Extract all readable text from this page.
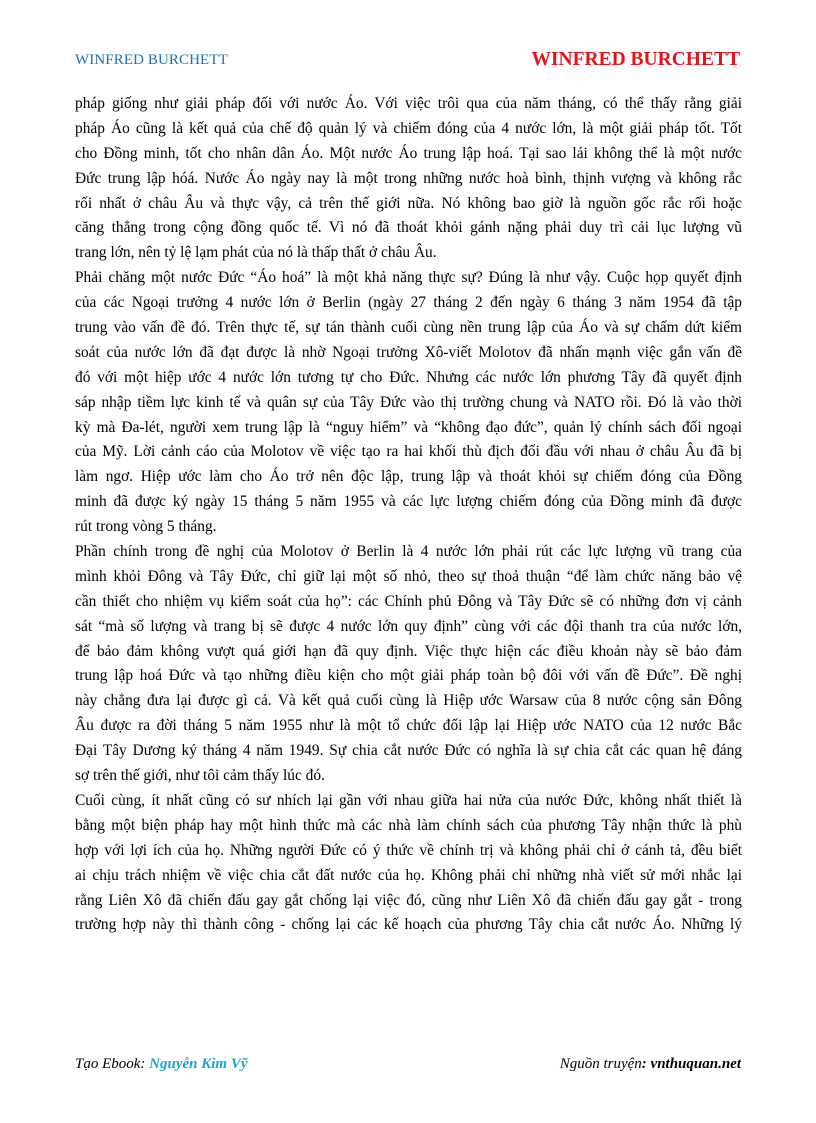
WINFRED BURCHETT	WINFRED BURCHETT
pháp giống như giải pháp đối với nước Áo. Với việc trôi qua của năm tháng, có thể thấy rằng giải
pháp Áo cũng là kết quả của chế độ quản lý và chiếm đóng của 4 nước lớn, là một giải pháp tốt. Tốt
cho Đồng minh, tốt cho nhân dân Áo. Một nước Áo trung lập hoá. Tại sao lái không thể là một nước
Đức trung lập hóá. Nước Áo ngày nay là một trong những nước hoà bình, thịnh vượng và không rắc
rối nhất ở châu Âu và thực vậy, cả trên thế giới nữa. Nó không bao giờ là nguồn gốc rắc rối hoặc
căng thẳng trong cộng đồng quốc tế. Vì nó đã thoát khỏi gánh nặng phải duy trì cải lục lượng vũ
trang lớn, nên tỷ lệ lạm phát của nó là thấp thất ở châu Âu.
Phải chăng một nước Đức “Áo hoá” là một khả năng thực sự? Đúng là như vậy. Cuộc họp quyết định
của các Ngoại trưởng 4 nước lớn ở Berlin (ngày 27 tháng 2 đến ngày 6 tháng 3 năm 1954 đã tập
trung vào vấn đề đó. Trên thực tế, sự tán thành cuối cùng nền trung lập của Áo và sự chấm dứt kiểm
soát của nước lớn đã đạt được là nhờ Ngoại trưởng Xô-viết Molotov đã nhấn mạnh việc gắn vấn đề
đó với một hiệp ước 4 nước lớn tương tự cho Đức. Nhưng các nước lớn phương Tây đã quyết định
sáp nhập tiềm lực kinh tế và quân sự của Tây Đức vào thị trường chung và NATO rồi. Đó là vào thời
kỳ mà Đa-lét, người xem trung lập là “nguy hiểm” và “không đạo đức”, quản lý chính sách đối ngoại
của Mỹ. Lời cảnh cáo của Molotov về việc tạo ra hai khối thù địch đối đầu với nhau ở châu Âu đã bị
làm ngơ. Hiệp ước làm cho Áo trở nên độc lập, trung lập và thoát khỏi sự chiếm đóng của Đồng
minh đã được ký ngày 15 tháng 5 năm 1955 và các lực lượng chiếm đóng của Đồng minh đã được
rút trong vòng 5 tháng.
Phần chính trong đề nghị của Molotov ở Berlin là 4 nước lớn phải rút các lực lượng vũ trang của
mình khỏi Đông và Tây Đức, chỉ giữ lại một số nhỏ, theo sự thoả thuận “để làm chức năng bảo vệ
cần thiết cho nhiệm vụ kiểm soát của họ”: các Chính phủ Đông và Tây Đức sẽ có những đơn vị cảnh
sát “mà số lượng và trang bị sẽ được 4 nước lớn quy định” cùng với các đội thanh tra của nước lớn,
để bảo đảm không vượt quá giới hạn đã quy định. Việc thực hiện các điều khoản này sẽ bảo đảm
trung lập hoá Đức và tạo những điều kiện cho một giải pháp toàn bộ đôi với vấn đề Đức”. Đề nghị
này chẳng đưa lại được gì cả. Và kết quả cuối cùng là Hiệp ước Warsaw của 8 nước cộng sản Đông
Âu được ra đời tháng 5 năm 1955 như là một tổ chức đối lập lại Hiệp ước NATO của 12 nước Bắc
Đại Tây Dương ký tháng 4 năm 1949. Sự chia cắt nước Đức có nghĩa là sự chia cắt các quan hệ đáng
sợ trên thế giới, như tôi cảm thấy lúc đó.
Cuối cùng, ít nhất cũng có sư nhích lại gần với nhau giữa hai nửa của nước Đức, không nhất thiết là
bằng một biện pháp hay một hình thức mà các nhà làm chính sách của phương Tây nhận thức là phù
hợp với lợi ích của họ. Những người Đức có ý thức về chính trị và không phải chỉ ở cánh tả, đều biết
ai chịu trách nhiệm về việc chia cắt đất nước của họ. Không phải chỉ những nhà viết sử mới nhắc lại
rằng Liên Xô đã chiến đấu gay gắt chống lại việc đó, cũng như Liên Xô đã chiến đấu gay gắt - trong
trường hợp này thì thành công - chống lại các kế hoạch của phương Tây chia cắt nước Áo. Những lý
Tạo Ebook: Nguyễn Kim Vỹ	Nguồn truyện: vnthuquan.net
